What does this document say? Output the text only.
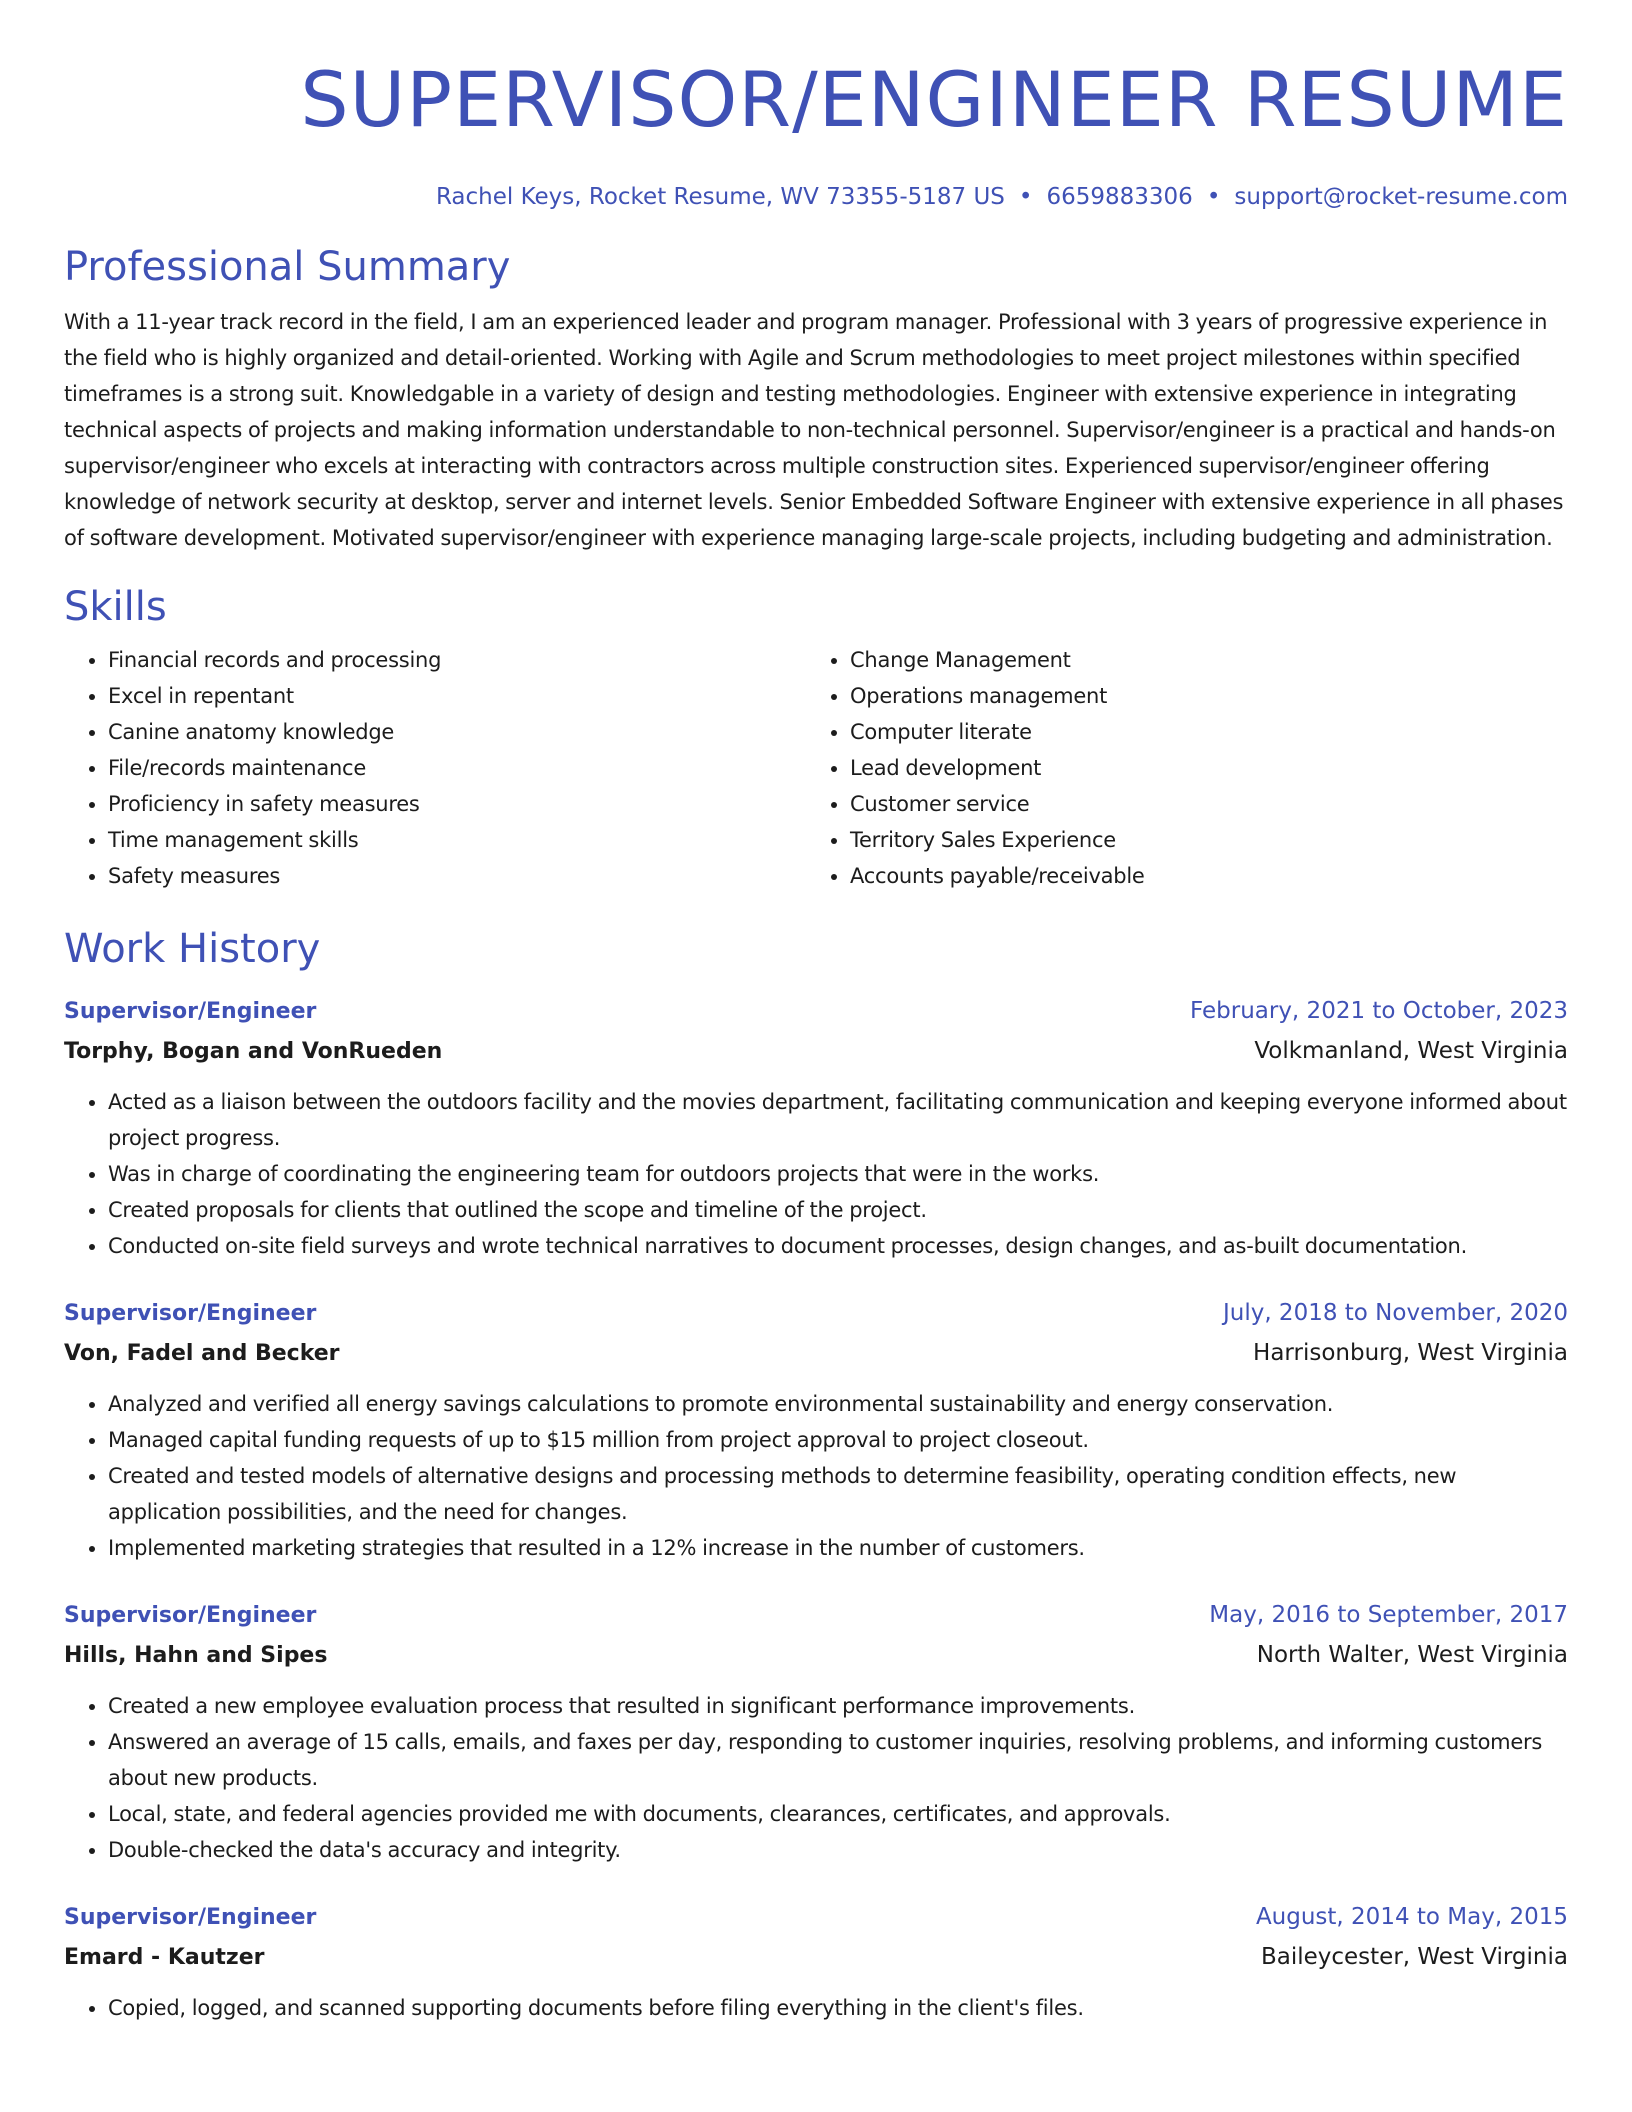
SUPERVISOR/ENGINEER RESUME
Rachel Keys, Rocket Resume, WV 73355-5187 US • 6659883306 • support@rocket-resume.com
Professional Summary
With a 11-year track record in the field, I am an experienced leader and program manager. Professional with 3 years of progressive experience in the field who is highly organized and detail-oriented. Working with Agile and Scrum methodologies to meet project milestones within specified timeframes is a strong suit. Knowledgable in a variety of design and testing methodologies. Engineer with extensive experience in integrating technical aspects of projects and making information understandable to non-technical personnel. Supervisor/engineer is a practical and hands-on supervisor/engineer who excels at interacting with contractors across multiple construction sites. Experienced supervisor/engineer offering knowledge of network security at desktop, server and internet levels. Senior Embedded Software Engineer with extensive experience in all phases of software development. Motivated supervisor/engineer with experience managing large-scale projects, including budgeting and administration.
Skills
• Financial records and processing
• Excel in repentant
• Canine anatomy knowledge
• File/records maintenance
• Proficiency in safety measures
• Time management skills
• Safety measures
• Change Management
• Operations management
• Computer literate
• Lead development
• Customer service
• Territory Sales Experience
• Accounts payable/receivable
Work History
Supervisor/Engineer	February, 2021 to October, 2023
Torphy, Bogan and VonRueden	Volkmanland, West Virginia
• Acted as a liaison between the outdoors facility and the movies department, facilitating communication and keeping everyone informed about project progress.
• Was in charge of coordinating the engineering team for outdoors projects that were in the works.
• Created proposals for clients that outlined the scope and timeline of the project.
• Conducted on-site field surveys and wrote technical narratives to document processes, design changes, and as-built documentation.
Supervisor/Engineer	July, 2018 to November, 2020
Von, Fadel and Becker	Harrisonburg, West Virginia
• Analyzed and verified all energy savings calculations to promote environmental sustainability and energy conservation.
• Managed capital funding requests of up to $15 million from project approval to project closeout.
• Created and tested models of alternative designs and processing methods to determine feasibility, operating condition effects, new application possibilities, and the need for changes.
• Implemented marketing strategies that resulted in a 12% increase in the number of customers.
Supervisor/Engineer	May, 2016 to September, 2017
Hills, Hahn and Sipes	North Walter, West Virginia
• Created a new employee evaluation process that resulted in significant performance improvements.
• Answered an average of 15 calls, emails, and faxes per day, responding to customer inquiries, resolving problems, and informing customers about new products.
• Local, state, and federal agencies provided me with documents, clearances, certificates, and approvals.
• Double-checked the data's accuracy and integrity.
Supervisor/Engineer	August, 2014 to May, 2015
Emard - Kautzer	Baileycester, West Virginia
• Copied, logged, and scanned supporting documents before filing everything in the client's files.
